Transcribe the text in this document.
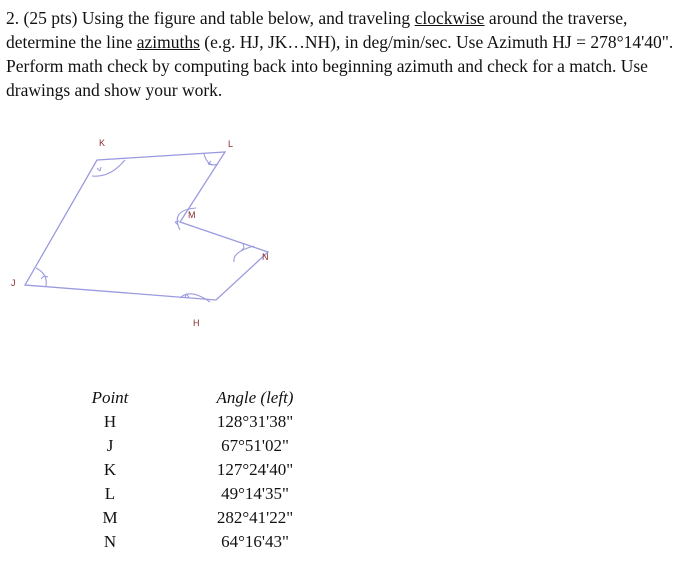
2. (25 pts) Using the figure and table below, and traveling clockwise around the traverse, determine the line azimuths (e.g. HJ, JK…NH), in deg/min/sec. Use Azimuth HJ = 278°14'40". Perform math check by computing back into beginning azimuth and check for a match. Use drawings and show your work.

K	L
M
N
H
J
Point
H
J
K
L
M
N
Angle (left)
128°31'38"
67°51'02"
127°24'40"
49°14'35"
282°41'22"
64°16'43"
